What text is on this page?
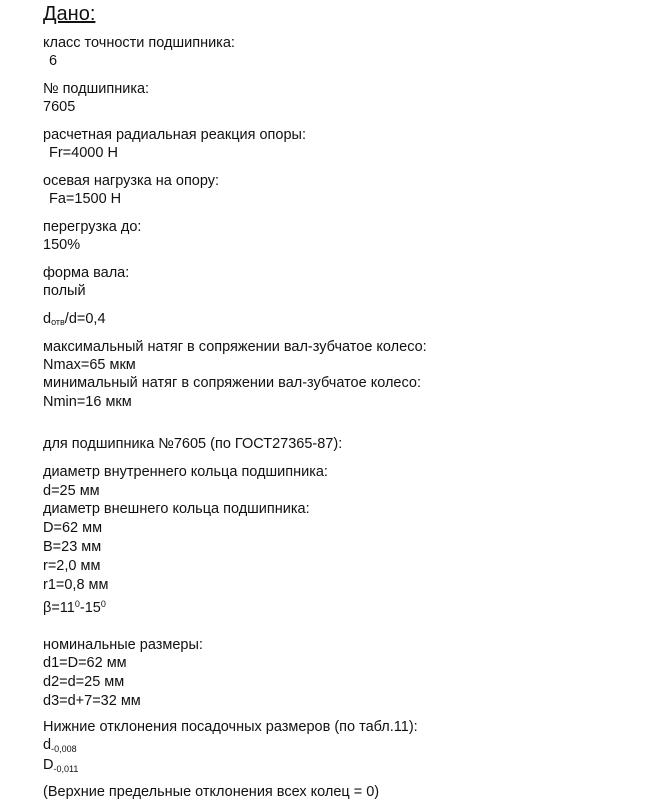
Дано:
класс точности подшипника:
6
№ подшипника:
7605
расчетная радиальная реакция опоры:
Fr=4000 Н
осевая нагрузка на опору:
Fa=1500 Н
перегрузка до:
150%
форма вала:
полый
$d_{отв}/d=0,4$
максимальный натяг в сопряжении вал-зубчатое колесо:
Nmax=65 мкм
минимальный натяг в сопряжении вал-зубчатое колесо:
Nmin=16 мкм
для подшипника №7605 (по ГОСТ27365-87):
диаметр внутреннего кольца подшипника:
d=25 мм
диаметр внешнего кольца подшипника:
D=62 мм
B=23 мм
r=2,0 мм
r1=0,8 мм
$\beta=11^0-15^0$
номинальные размеры:
d1=D=62 мм
d2=d=25 мм
d3=d+7=32 мм
Нижние отклонения посадочных размеров (по табл.11):
$d_{-0,008}$
$D_{-0,011}$
(Верхние предельные отклонения всех колец = 0)
